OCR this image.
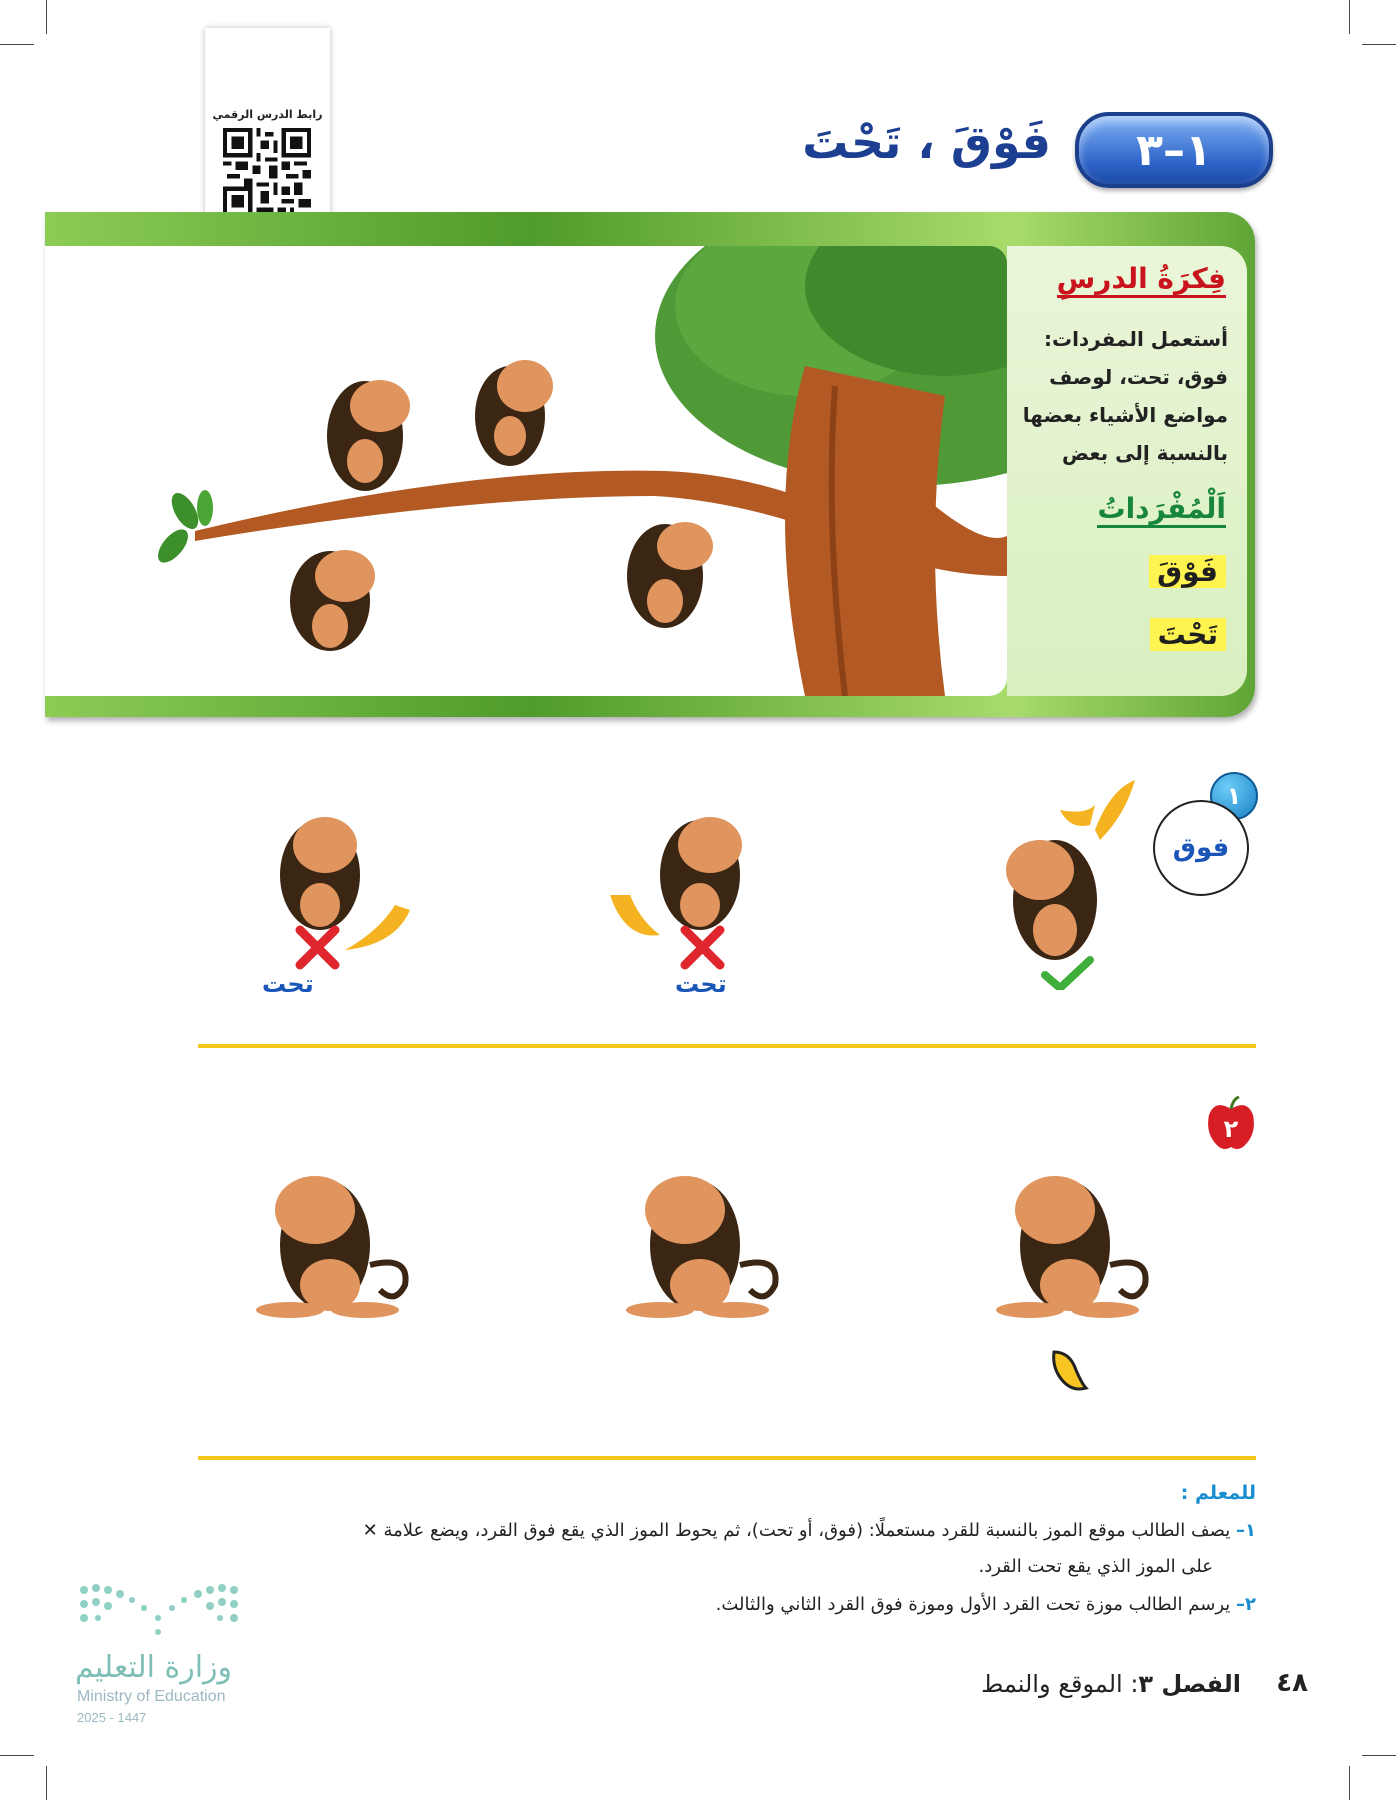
رابط الدرس الرقمي
١–٣
فَوْقَ ، تَحْتَ
فِكرَةُ الدرسِ
أستعمل المفردات:
فوق، تحت، لوصف
مواضع الأشياء بعضها
بالنسبة إلى بعض
اَلْمُفْرَداتُ
فَوْقَ
تَحْتَ
١
فوق
تحت
تحت
٢
للمعلم :
١– يصف الطالب موقع الموز بالنسبة للقرد مستعملًا: (فوق، أو تحت)، ثم يحوط الموز الذي يقع فوق القرد، ويضع علامة ✕
على الموز الذي يقع تحت القرد.
٢– يرسم الطالب موزة تحت القرد الأول وموزة فوق القرد الثاني والثالث.
وزارة التعليم
Ministry of Education
2025 - 1447
الفصل ٣: الموقع والنمط	٤٨
